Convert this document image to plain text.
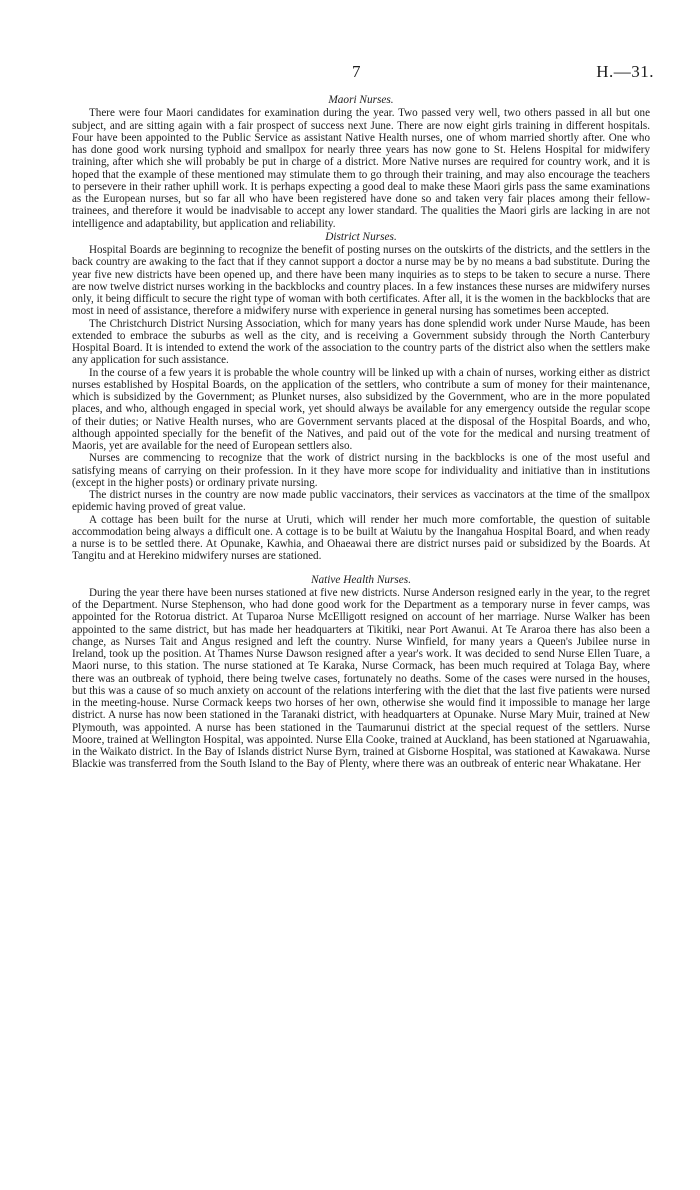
7	H.—31.
Maori Nurses.

There were four Maori candidates for examination during the year. Two passed very well, two others passed in all but one subject, and are sitting again with a fair prospect of success next June. There are now eight girls training in different hospitals. Four have been appointed to the Public Service as assistant Native Health nurses, one of whom married shortly after. One who has done good work nursing typhoid and smallpox for nearly three years has now gone to St. Helens Hospital for midwifery training, after which she will probably be put in charge of a district. More Native nurses are required for country work, and it is hoped that the example of these mentioned may stimulate them to go through their training, and may also encourage the teachers to persevere in their rather uphill work. It is perhaps expecting a good deal to make these Maori girls pass the same examinations as the European nurses, but so far all who have been registered have done so and taken very fair places among their fellow-trainees, and therefore it would be inadvisable to accept any lower standard. The qualities the Maori girls are lacking in are not intelligence and adaptability, but application and reliability.

District Nurses.

Hospital Boards are beginning to recognize the benefit of posting nurses on the outskirts of the districts, and the settlers in the back country are awaking to the fact that if they cannot support a doctor a nurse may be by no means a bad substitute. During the year five new districts have been opened up, and there have been many inquiries as to steps to be taken to secure a nurse. There are now twelve district nurses working in the backblocks and country places. In a few instances these nurses are midwifery nurses only, it being difficult to secure the right type of woman with both certificates. After all, it is the women in the backblocks that are most in need of assistance, therefore a midwifery nurse with experience in general nursing has sometimes been accepted.

The Christchurch District Nursing Association, which for many years has done splendid work under Nurse Maude, has been extended to embrace the suburbs as well as the city, and is receiving a Government subsidy through the North Canterbury Hospital Board. It is intended to extend the work of the association to the country parts of the district also when the settlers make any application for such assistance.

In the course of a few years it is probable the whole country will be linked up with a chain of nurses, working either as district nurses established by Hospital Boards, on the application of the settlers, who contribute a sum of money for their maintenance, which is subsidized by the Government; as Plunket nurses, also subsidized by the Government, who are in the more populated places, and who, although engaged in special work, yet should always be available for any emergency outside the regular scope of their duties; or Native Health nurses, who are Government servants placed at the disposal of the Hospital Boards, and who, although appointed specially for the benefit of the Natives, and paid out of the vote for the medical and nursing treatment of Maoris, yet are available for the need of European settlers also.

Nurses are commencing to recognize that the work of district nursing in the backblocks is one of the most useful and satisfying means of carrying on their profession. In it they have more scope for individuality and initiative than in institutions (except in the higher posts) or ordinary private nursing.

The district nurses in the country are now made public vaccinators, their services as vaccinators at the time of the smallpox epidemic having proved of great value.

A cottage has been built for the nurse at Uruti, which will render her much more comfortable, the question of suitable accommodation being always a difficult one. A cottage is to be built at Waiutu by the Inangahua Hospital Board, and when ready a nurse is to be settled there. At Opunake, Kawhia, and Ohaeawai there are district nurses paid or subsidized by the Boards. At Tangitu and at Herekino midwifery nurses are stationed.

Native Health Nurses.

During the year there have been nurses stationed at five new districts. Nurse Anderson resigned early in the year, to the regret of the Department. Nurse Stephenson, who had done good work for the Department as a temporary nurse in fever camps, was appointed for the Rotorua district. At Tuparoa Nurse McElligott resigned on account of her marriage. Nurse Walker has been appointed to the same district, but has made her headquarters at Tikitiki, near Port Awanui. At Te Araroa there has also been a change, as Nurses Tait and Angus resigned and left the country. Nurse Winfield, for many years a Queen's Jubilee nurse in Ireland, took up the position. At Thames Nurse Dawson resigned after a year's work. It was decided to send Nurse Ellen Tuare, a Maori nurse, to this station. The nurse stationed at Te Karaka, Nurse Cormack, has been much required at Tolaga Bay, where there was an outbreak of typhoid, there being twelve cases, fortunately no deaths. Some of the cases were nursed in the houses, but this was a cause of so much anxiety on account of the relations interfering with the diet that the last five patients were nursed in the meeting-house. Nurse Cormack keeps two horses of her own, otherwise she would find it impossible to manage her large district. A nurse has now been stationed in the Taranaki district, with headquarters at Opunake. Nurse Mary Muir, trained at New Plymouth, was appointed. A nurse has been stationed in the Taumarunui district at the special request of the settlers. Nurse Moore, trained at Wellington Hospital, was appointed. Nurse Ella Cooke, trained at Auckland, has been stationed at Ngaruawahia, in the Waikato district. In the Bay of Islands district Nurse Byrn, trained at Gisborne Hospital, was stationed at Kawakawa. Nurse Blackie was transferred from the South Island to the Bay of Plenty, where there was an outbreak of enteric near Whakatane. Her
